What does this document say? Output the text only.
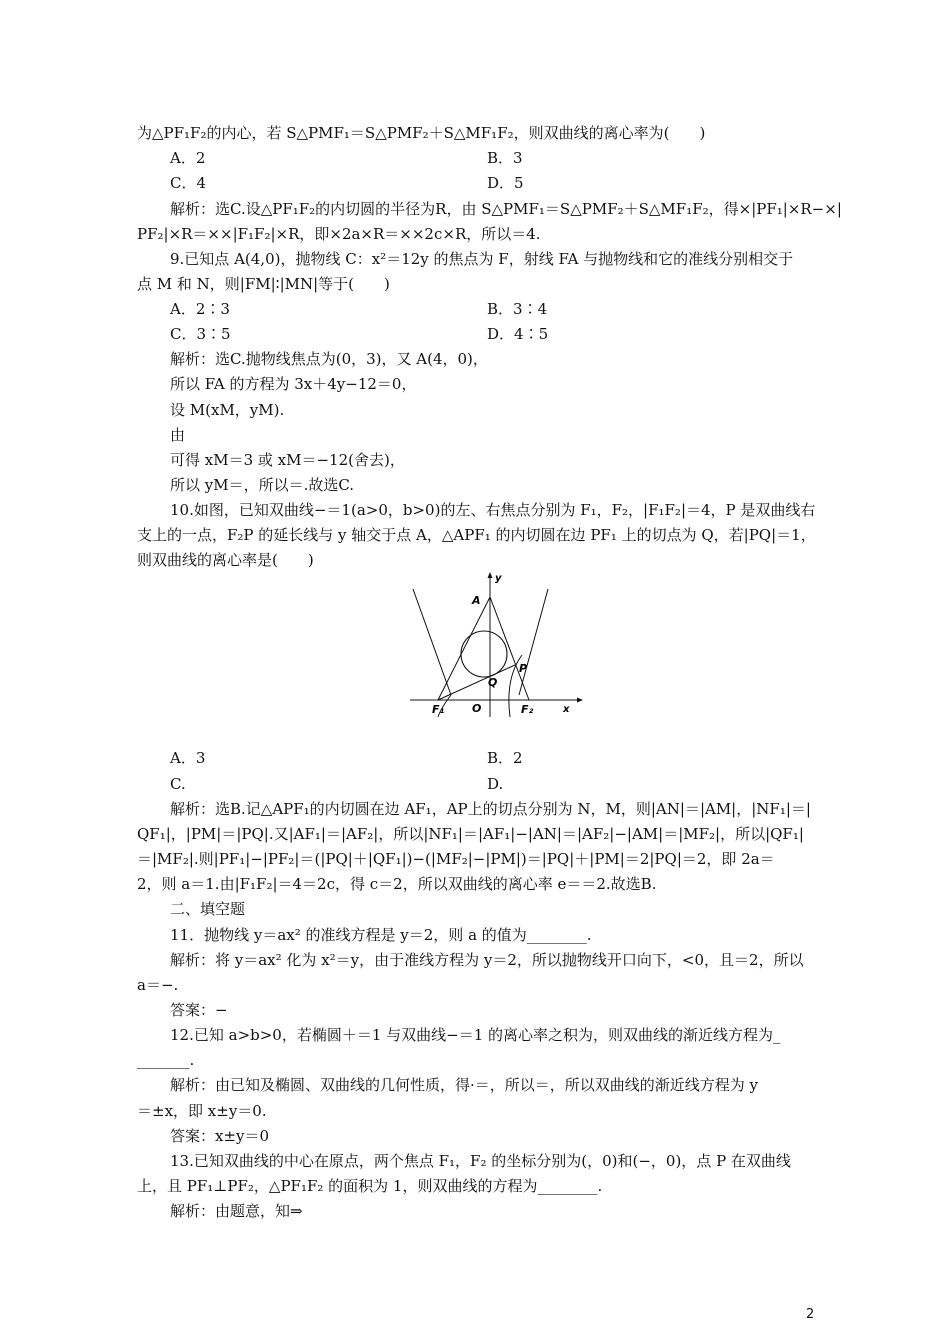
为△PF₁F₂的内心，若 S△PMF₁＝S△PMF₂＋S△MF₁F₂，则双曲线的离心率为(　　)
A．2	B．3
C．4	D．5
解析：选C.设△PF₁F₂的内切圆的半径为R，由 S△PMF₁＝S△PMF₂＋S△MF₁F₂，得×|PF₁|×R−×|
PF₂|×R＝××|F₁F₂|×R，即×2a×R＝××2c×R，所以＝4.
9.已知点 A(4,0)，抛物线 C：x²＝12y 的焦点为 F，射线 FA 与抛物线和它的准线分别相交于
点 M 和 N，则|FM|∶|MN|等于(　　)
A．2∶3	B．3∶4
C．3∶5	D．4∶5
解析：选C.抛物线焦点为(0，3)，又 A(4，0)，
所以 FA 的方程为 3x＋4y−12＝0，
设 M(xM，yM).
由
可得 xM＝3 或 xM＝−12(舍去)，
所以 yM＝，所以＝.故选C.
10.如图，已知双曲线−＝1(a>0，b>0)的左、右焦点分别为 F₁，F₂，|F₁F₂|＝4，P 是双曲线右
支上的一点，F₂P 的延长线与 y 轴交于点 A，△APF₁ 的内切圆在边 PF₁ 上的切点为 Q，若|PQ|＝1，
则双曲线的离心率是(　　)
y
x
A
P
Q
O
F₁	F₂
A．3	B．2
C.	D.
解析：选B.记△APF₁的内切圆在边 AF₁，AP上的切点分别为 N，M，则|AN|＝|AM|，|NF₁|＝|
QF₁|，|PM|＝|PQ|.又|AF₁|＝|AF₂|，所以|NF₁|＝|AF₁|−|AN|＝|AF₂|−|AM|＝|MF₂|，所以|QF₁|
＝|MF₂|.则|PF₁|−|PF₂|＝(|PQ|＋|QF₁|)−(|MF₂|−|PM|)＝|PQ|＋|PM|＝2|PQ|＝2，即 2a＝
2，则 a＝1.由|F₁F₂|＝4＝2c，得 c＝2，所以双曲线的离心率 e＝＝2.故选B.
二、填空题
11．抛物线 y＝ax² 的准线方程是 y＝2，则 a 的值为________.
解析：将 y＝ax² 化为 x²＝y，由于准线方程为 y＝2，所以抛物线开口向下，<0，且＝2，所以
a＝−.
答案：−
12.已知 a>b>0，若椭圆＋＝1 与双曲线−＝1 的离心率之积为，则双曲线的渐近线方程为_
_______.
解析：由已知及椭圆、双曲线的几何性质，得·＝，所以＝，所以双曲线的渐近线方程为 y
＝±x，即 x±y＝0.
答案：x±y＝0
13.已知双曲线的中心在原点，两个焦点 F₁，F₂ 的坐标分别为(，0)和(−，0)，点 P 在双曲线
上，且 PF₁⊥PF₂，△PF₁F₂ 的面积为 1，则双曲线的方程为________.
解析：由题意，知⇒
2
